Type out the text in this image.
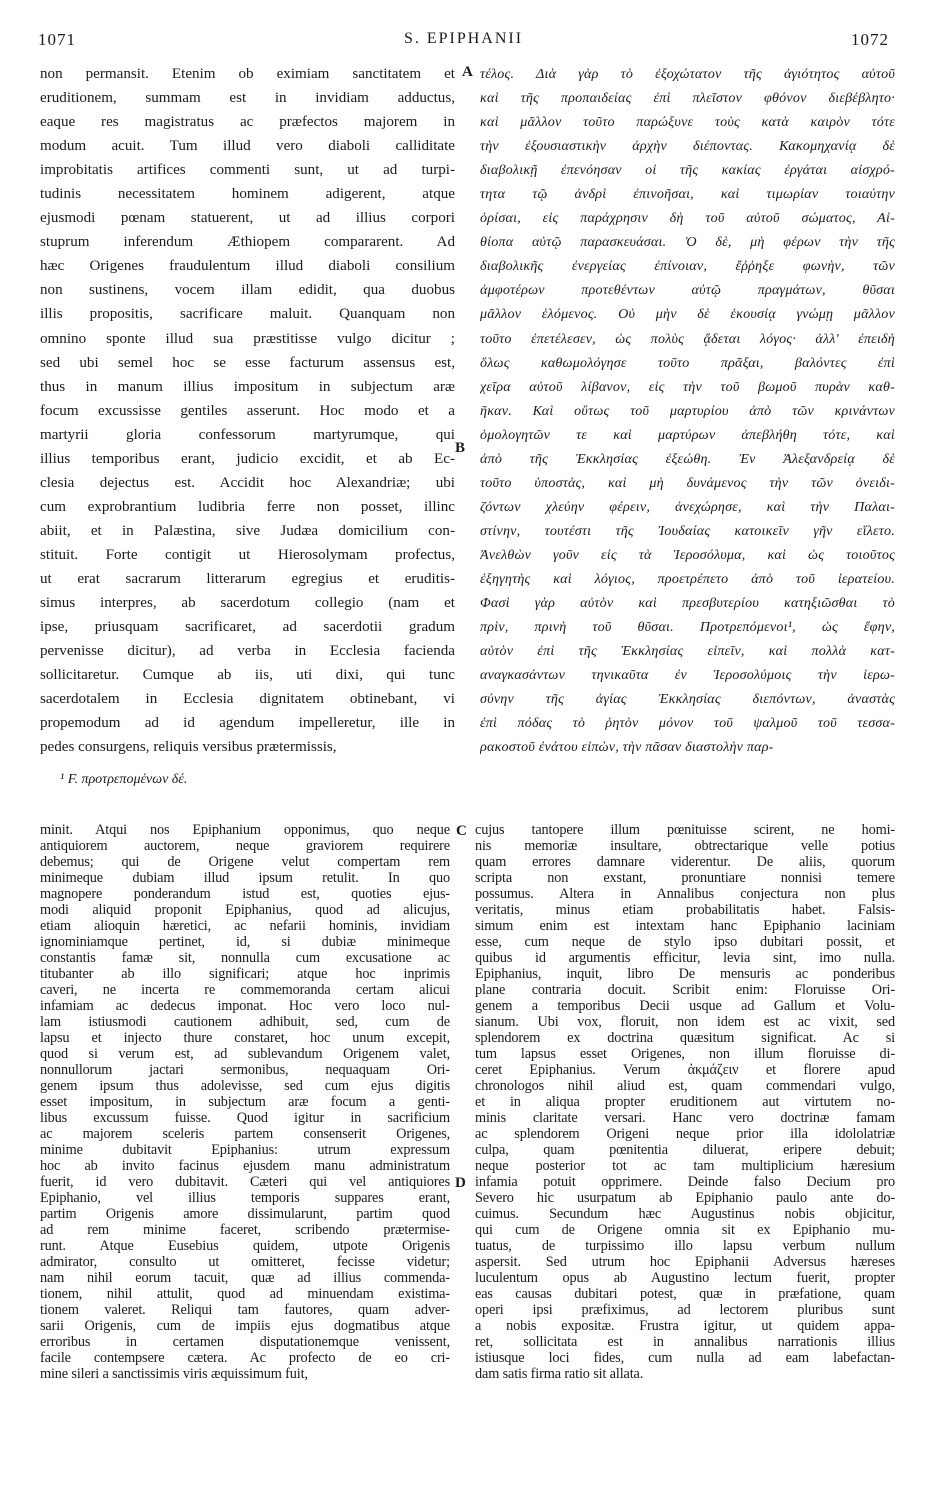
1071	S. EPIPHANII	1072
A
B
C
D

non permansit. Etenim ob eximiam sanctitatem et

eruditionem, summam est in invidiam adductus,

eaque res magistratus ac præfectos majorem in

modum acuit. Tum illud vero diaboli calliditate

improbitatis artifices commenti sunt, ut ad turpi-

tudinis necessitatem hominem adigerent, atque

ejusmodi pœnam statuerent, ut ad illius corpori

stuprum inferendum Æthiopem compararent. Ad

hæc Origenes fraudulentum illud diaboli consilium

non sustinens, vocem illam edidit, qua duobus

illis propositis, sacrificare maluit. Quanquam non

omnino sponte illud sua præstitisse vulgo dicitur ;

sed ubi semel hoc se esse facturum assensus est,

thus in manum illius impositum in subjectum aræ

focum excussisse gentiles asserunt. Hoc modo et a

martyrii gloria confessorum martyrumque, qui

illius temporibus erant, judicio excidit, et ab Ec-

clesia dejectus est. Accidit hoc Alexandriæ; ubi

cum exprobrantium ludibria ferre non posset, illinc

abiit, et in Palæstina, sive Judæa domicilium con-

stituit. Forte contigit ut Hierosolymam profectus,

ut erat sacrarum litterarum egregius et eruditis-

simus interpres, ab sacerdotum collegio (nam et

ipse, priusquam sacrificaret, ad sacerdotii gradum

pervenisse dicitur), ad verba in Ecclesia facienda

sollicitaretur. Cumque ab iis, uti dixi, qui tunc

sacerdotalem in Ecclesia dignitatem obtinebant, vi

propemodum ad id agendum impelleretur, ille in

pedes consurgens, reliquis versibus prætermissis,

τέλος. Διὰ γὰρ τὸ ἐξοχώτατον τῆς ἁγιότητος αὐτοῦ

καὶ τῆς προπαιδείας ἐπὶ πλεῖστον φθόνον διεβέβλητο·

καὶ μᾶλλον τοῦτο παρώξυνε τοὺς κατὰ καιρὸν τότε

τὴν ἐξουσιαστικὴν ἀρχὴν διέποντας. Κακομηχανίᾳ δὲ

διαβολικῇ ἐπενόησαν οἱ τῆς κακίας ἐργάται αἰσχρό-

τητα τῷ ἀνδρὶ ἐπινοῆσαι, καὶ τιμωρίαν τοιαύτην

ὁρίσαι, εἰς παράχρησιν δὴ τοῦ αὐτοῦ σώματος, Αἰ-

θίοπα αὐτῷ παρασκευάσαι. Ὁ δὲ, μὴ φέρων τὴν τῆς

διαβολικῆς ἐνεργείας ἐπίνοιαν, ἔῤῥηξε φωνὴν, τῶν

ἀμφοτέρων προτεθέντων αὐτῷ πραγμάτων, θῦσαι

μᾶλλον ἑλόμενος. Οὐ μὴν δὲ ἑκουσίᾳ γνώμῃ μᾶλλον

τοῦτο ἐπετέλεσεν, ὡς πολὺς ᾄδεται λόγος· ἀλλ' ἐπειδὴ

ὅλως καθωμολόγησε τοῦτο πρᾶξαι, βαλόντες ἐπὶ

χεῖρα αὐτοῦ λίβανον, εἰς τὴν τοῦ βωμοῦ πυρὰν καθ-

ῆκαν. Καὶ οὕτως τοῦ μαρτυρίου ἀπὸ τῶν κρινάντων

ὁμολογητῶν τε καὶ μαρτύρων ἀπεβλήθη τότε, καὶ

ἀπὸ τῆς Ἐκκλησίας ἐξεώθη. Ἐν Ἀλεξανδρείᾳ δὲ

τοῦτο ὑποστὰς, καὶ μὴ δυνάμενος τὴν τῶν ὀνειδι-

ζόντων χλεύην φέρειν, ἀνεχώρησε, καὶ τὴν Παλαι-

στίνην, τουτέστι τῆς Ἰουδαίας κατοικεῖν γῆν εἵλετο.

Ἀνελθὼν γοῦν εἰς τὰ Ἱεροσόλυμα, καὶ ὡς τοιοῦτος

ἐξηγητὴς καὶ λόγιος, προετρέπετο ἀπὸ τοῦ ἱερατείου.

Φασὶ γὰρ αὐτὸν καὶ πρεσβυτερίου κατηξιῶσθαι τὸ

πρὶν, πρινὴ τοῦ θῦσαι. Προτρεπόμενοι¹, ὡς ἔφην,

αὐτὸν ἐπὶ τῆς Ἐκκλησίας εἰπεῖν, καὶ πολλὰ κατ-

αναγκασάντων τηνικαῦτα ἐν Ἱεροσολύμοις τὴν ἱερω-

σύνην τῆς ἁγίας Ἐκκλησίας διεπόντων, ἀναστὰς

ἐπὶ πόδας τὸ ῥητὸν μόνον τοῦ ψαλμοῦ τοῦ τεσσα-

ρακοστοῦ ἐνάτου εἰπὼν, τὴν πᾶσαν διαστολὴν παρ-

¹ F. προτρεπομένων δέ.

minit. Atqui nos Epiphanium opponimus, quo neque

antiquiorem auctorem, neque graviorem requirere

debemus; qui de Origene velut compertam rem

minimeque dubiam illud ipsum retulit. In quo

magnopere ponderandum istud est, quoties ejus-

modi aliquid proponit Epiphanius, quod ad alicujus,

etiam alioquin hæretici, ac nefarii hominis, invidiam

ignominiamque pertinet, id, si dubiæ minimeque

constantis famæ sit, nonnulla cum excusatione ac

titubanter ab illo significari; atque hoc inprimis

caveri, ne incerta re commemoranda certam alicui

infamiam ac dedecus imponat. Hoc vero loco nul-

lam istiusmodi cautionem adhibuit, sed, cum de

lapsu et injecto thure constaret, hoc unum excepit,

quod si verum est, ad sublevandum Origenem valet,

nonnullorum jactari sermonibus, nequaquam Ori-

genem ipsum thus adolevisse, sed cum ejus digitis

esset impositum, in subjectum aræ focum a genti-

libus excussum fuisse. Quod igitur in sacrificium

ac majorem sceleris partem consenserit Origenes,

minime dubitavit Epiphanius: utrum expressum

hoc ab invito facinus ejusdem manu administratum

fuerit, id vero dubitavit. Cæteri qui vel antiquiores

Epiphanio, vel illius temporis suppares erant,

partim Origenis amore dissimularunt, partim quod

ad rem minime faceret, scribendo prætermise-

runt. Atque Eusebius quidem, utpote Origenis

admirator, consulto ut omitteret, fecisse videtur;

nam nihil eorum tacuit, quæ ad illius commenda-

tionem, nihil attulit, quod ad minuendam existima-

tionem valeret. Reliqui tam fautores, quam adver-

sarii Origenis, cum de impiis ejus dogmatibus atque

erroribus in certamen disputationemque venissent,

facile contempsere cætera. Ac profecto de eo cri-

mine sileri a sanctissimis viris æquissimum fuit,

cujus tantopere illum pœnituisse scirent, ne homi-

nis memoriæ insultare, obtrectarique velle potius

quam errores damnare viderentur. De aliis, quorum

scripta non exstant, pronuntiare nonnisi temere

possumus. Altera in Annalibus conjectura non plus

veritatis, minus etiam probabilitatis habet. Falsis-

simum enim est intextam hanc Epiphanio laciniam

esse, cum neque de stylo ipso dubitari possit, et

quibus id argumentis efficitur, levia sint, imo nulla.

Epiphanius, inquit, libro De mensuris ac ponderibus

plane contraria docuit. Scribit enim: Floruisse Ori-

genem a temporibus Decii usque ad Gallum et Volu-

sianum. Ubi vox, floruit, non idem est ac vixit, sed

splendorem ex doctrina quæsitum significat. Ac si

tum lapsus esset Origenes, non illum floruisse di-

ceret Epiphanius. Verum ἀκμάζειν et florere apud

chronologos nihil aliud est, quam commendari vulgo,

et in aliqua propter eruditionem aut virtutem no-

minis claritate versari. Hanc vero doctrinæ famam

ac splendorem Origeni neque prior illa idololatriæ

culpa, quam pœnitentia diluerat, eripere debuit;

neque posterior tot ac tam multiplicium hæresium

infamia potuit opprimere. Deinde falso Decium pro

Severo hic usurpatum ab Epiphanio paulo ante do-

cuimus. Secundum hæc Augustinus nobis objicitur,

qui cum de Origene omnia sit ex Epiphanio mu-

tuatus, de turpissimo illo lapsu verbum nullum

aspersit. Sed utrum hoc Epiphanii Adversus hæreses

luculentum opus ab Augustino lectum fuerit, propter

eas causas dubitari potest, quæ in præfatione, quam

operi ipsi præfiximus, ad lectorem pluribus sunt

a nobis expositæ. Frustra igitur, ut quidem appa-

ret, sollicitata est in annalibus narrationis illius

istiusque loci fides, cum nulla ad eam labefactan-

dam satis firma ratio sit allata.
